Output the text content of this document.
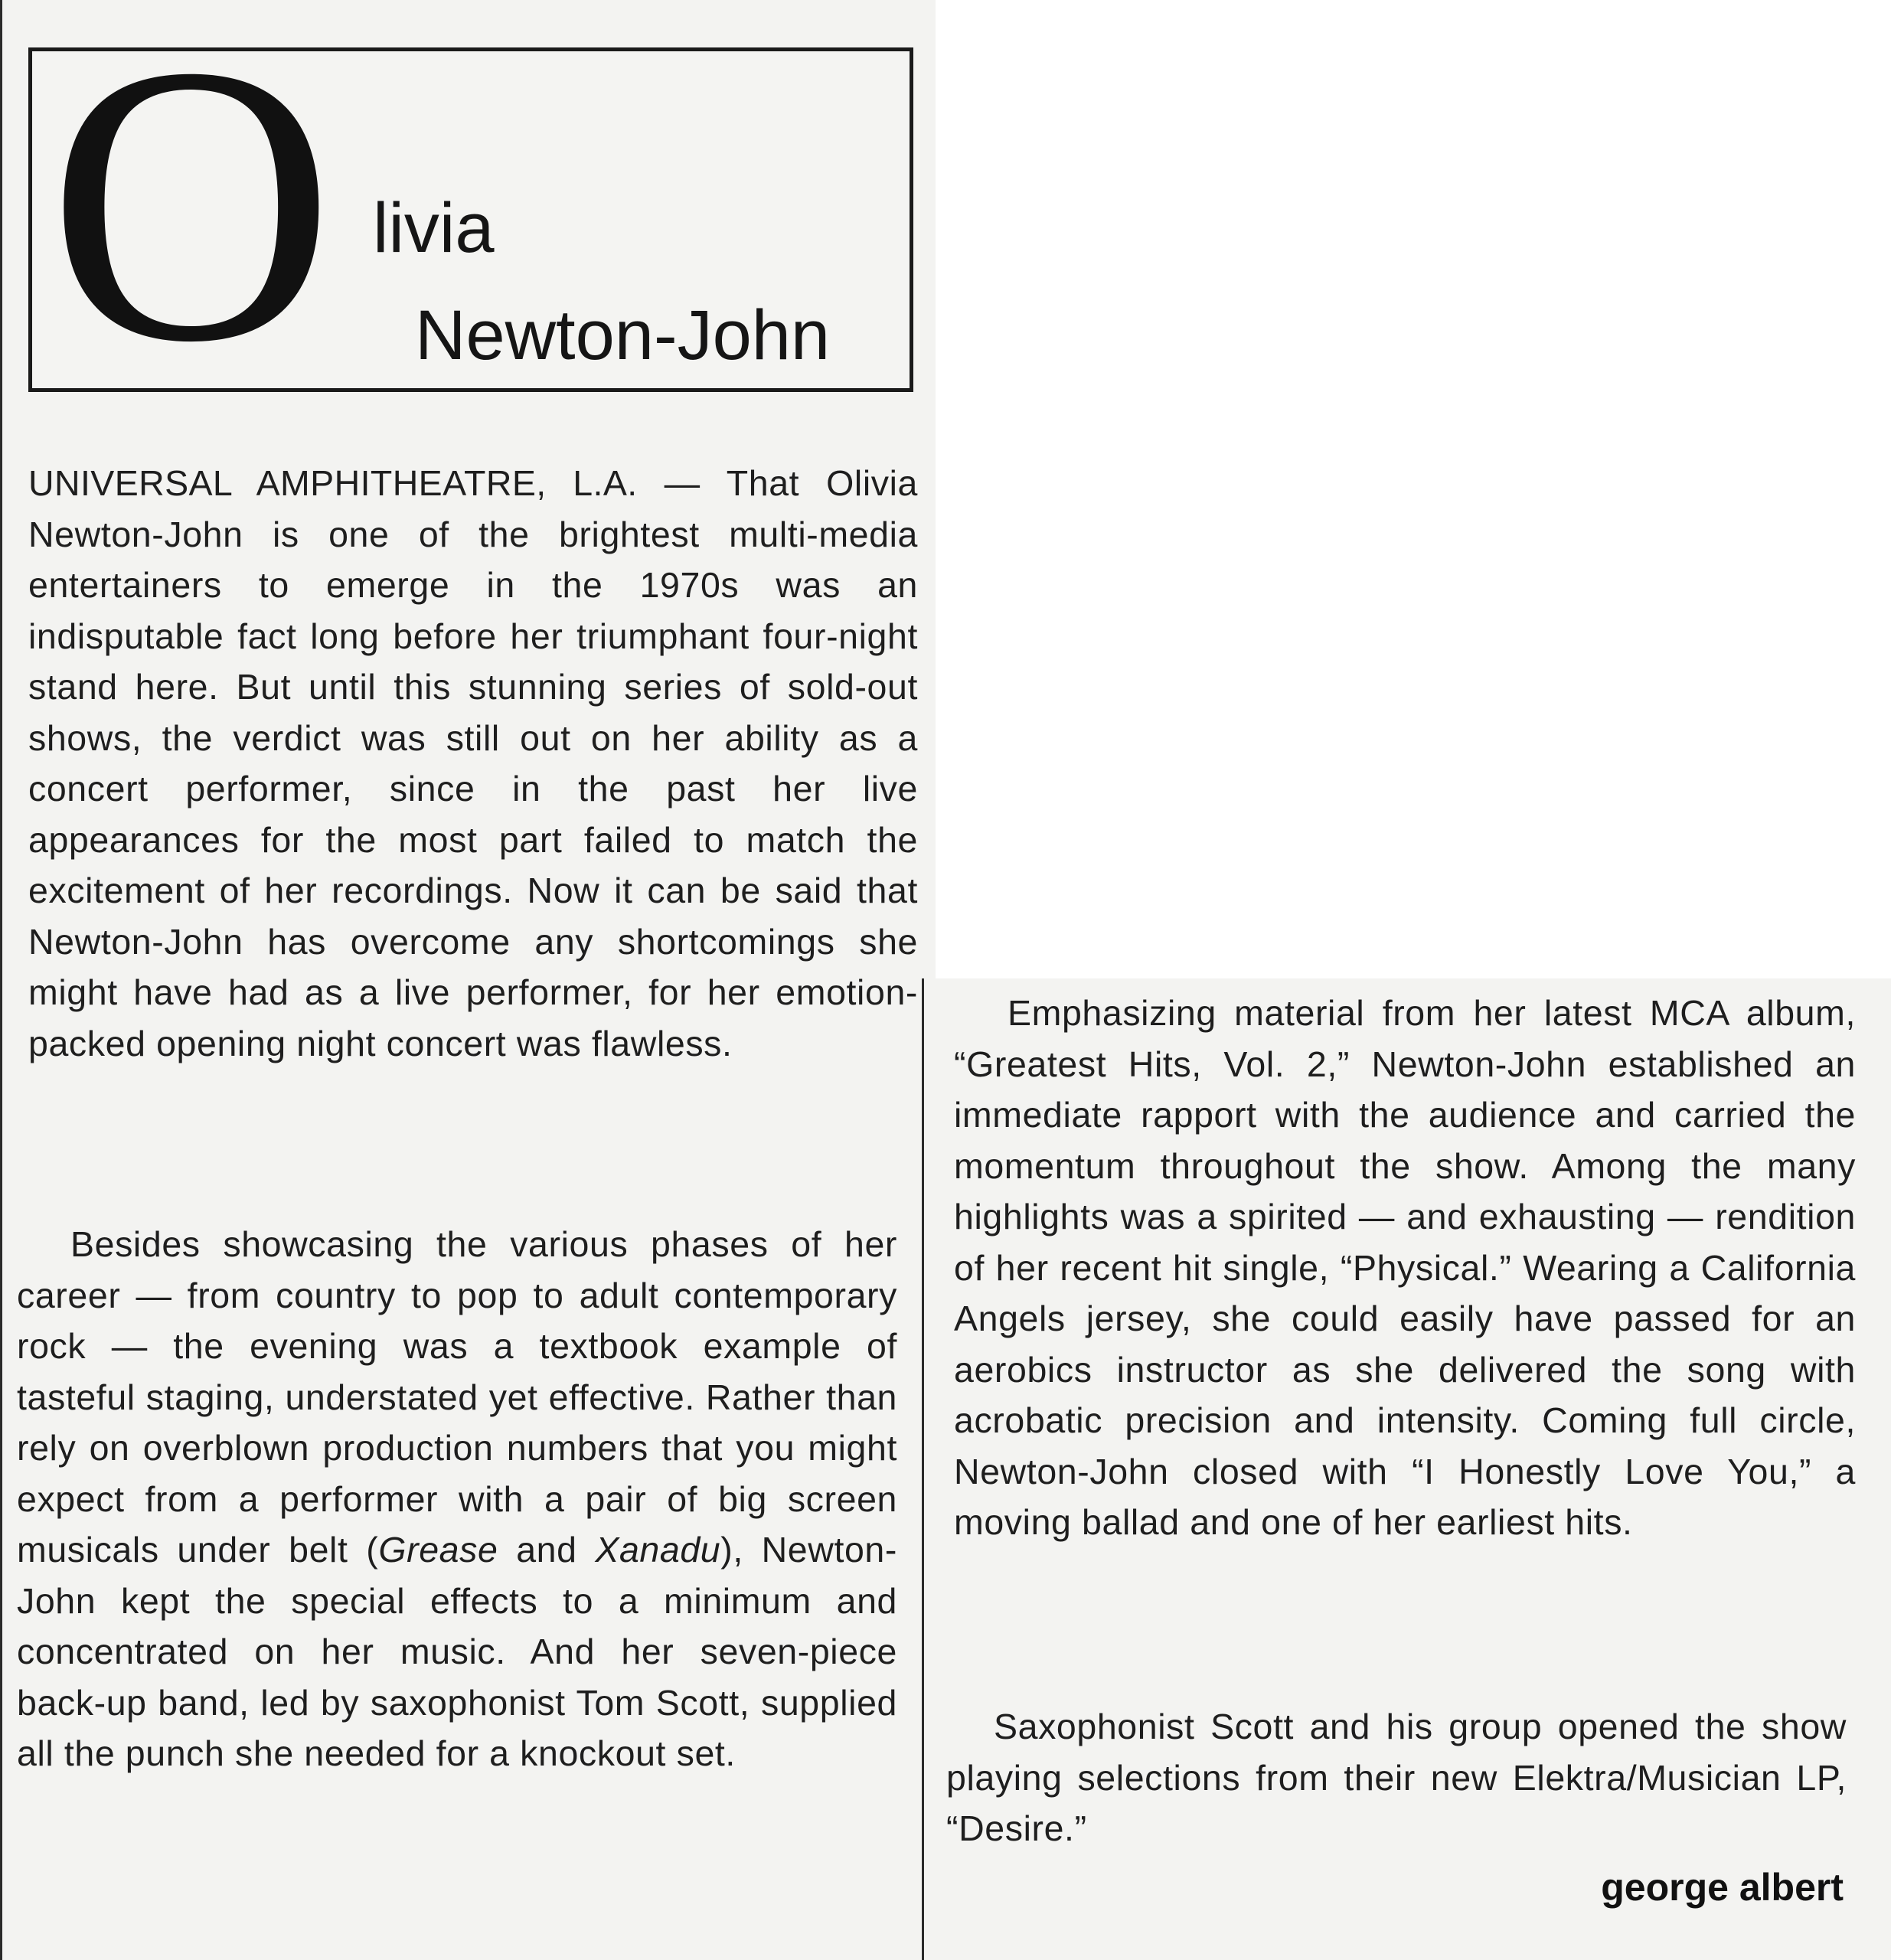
O livia
Newton-John

UNIVERSAL AMPHITHEATRE, L.A. — That Olivia Newton-John is one of the brightest multi-media entertainers to emerge in the 1970s was an indisputable fact long before her triumphant four-night stand here. But until this stunning series of sold-out shows, the verdict was still out on her ability as a concert performer, since in the past her live appearances for the most part failed to match the excitement of her recordings. Now it can be said that Newton-John has overcome any shortcomings she might have had as a live performer, for her emotion-packed opening night concert was flawless.

Besides showcasing the various phases of her career — from country to pop to adult contemporary rock — the evening was a textbook example of tasteful staging, understated yet effective. Rather than rely on overblown production numbers that you might expect from a performer with a pair of big screen musicals under belt (Grease and Xanadu), Newton-John kept the special effects to a minimum and concentrated on her music. And her seven-piece back-up band, led by saxophonist Tom Scott, supplied all the punch she needed for a knockout set.

Emphasizing material from her latest MCA album, “Greatest Hits, Vol. 2,” Newton-John established an immediate rapport with the audience and carried the momentum throughout the show. Among the many highlights was a spirited — and exhausting — rendition of her recent hit single, “Physical.” Wearing a California Angels jersey, she could easily have passed for an aerobics instructor as she delivered the song with acrobatic precision and intensity. Coming full circle, Newton-John closed with “I Honestly Love You,” a moving ballad and one of her earliest hits.

Saxophonist Scott and his group opened the show playing selections from their new Elektra/Musician LP, “Desire.”

george albert
